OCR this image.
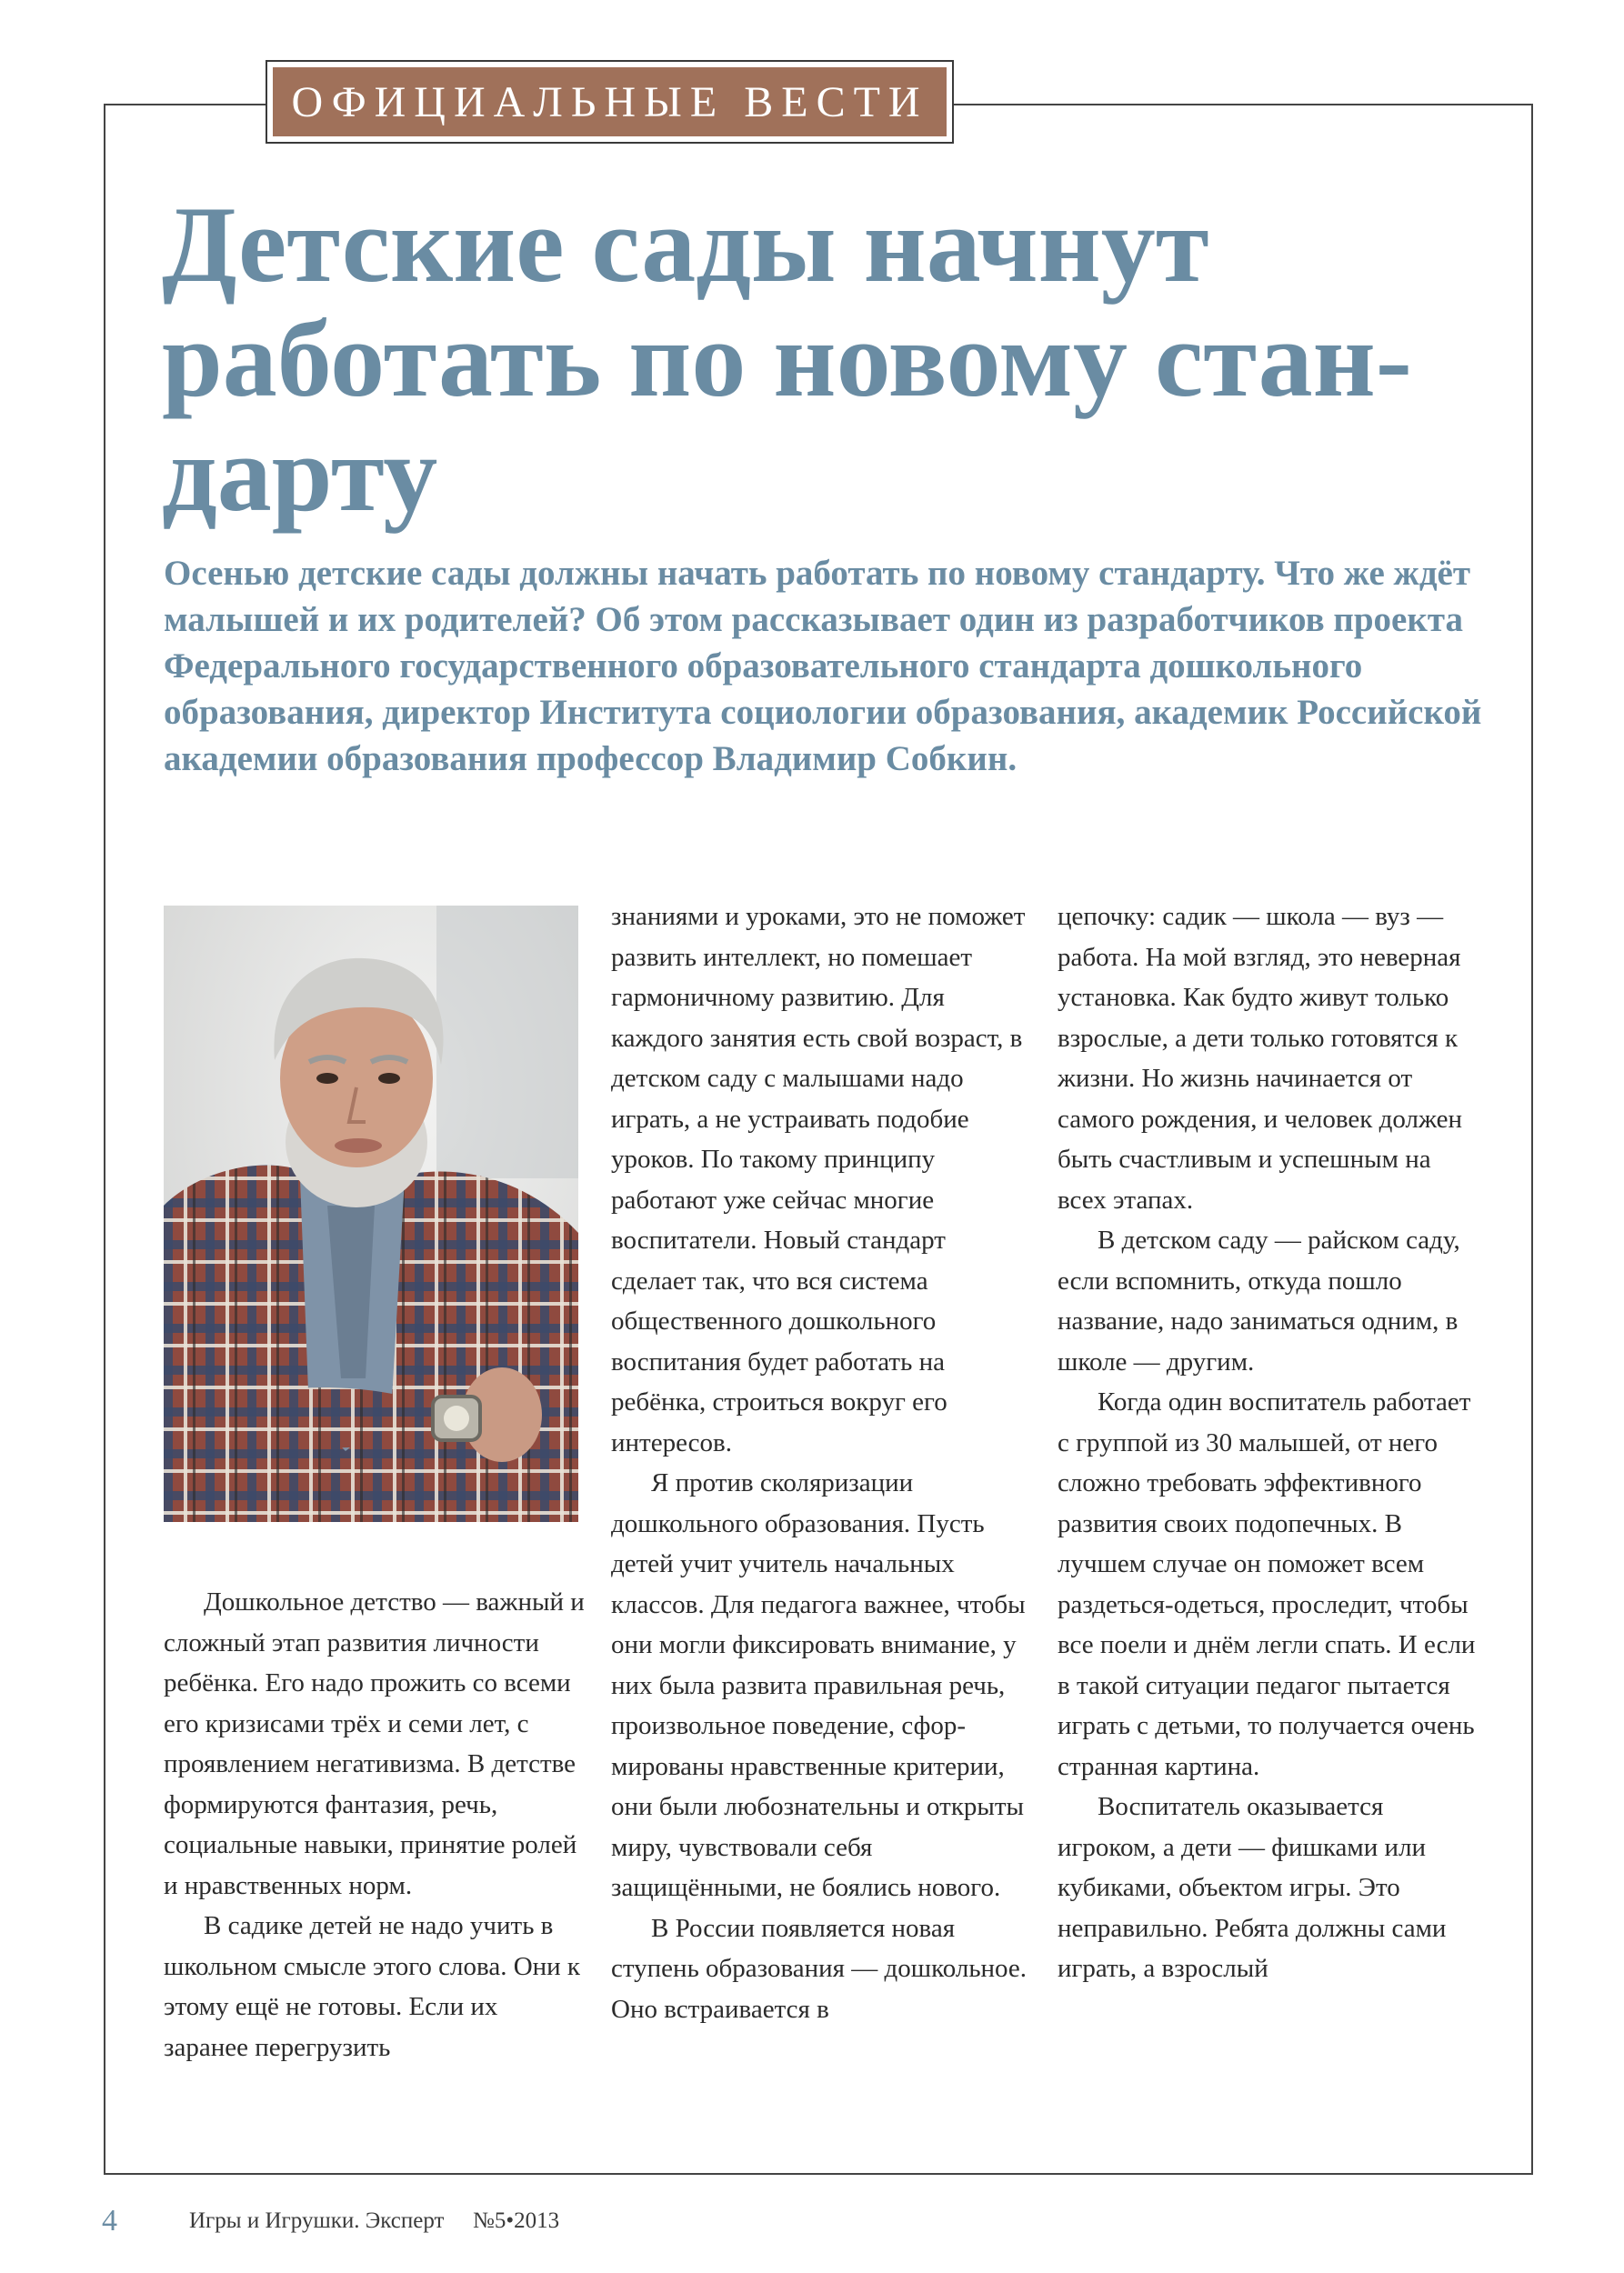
ОФИЦИАЛЬНЫЕ ВЕСТИ
Детские сады начнут работать по новому стан-дарту

Осенью детские сады должны начать работать по новому стандарту. Что же ждёт малышей и их родителей? Об этом рассказывает один из разработчиков проекта Федерального государственного образовательного стандарта дошкольного образования, директор Института социологии образования, академик Российской академии образования профессор Владимир Собкин.

Дошкольное детство — важный и сложный этап развития личности ребёнка. Его надо прожить со всеми его кризисами трёх и семи лет, с проявлением негативизма. В детстве формируются фантазия, речь, социальные навыки, принятие ролей и нравственных норм.

В садике детей не надо учить в школьном смысле этого слова. Они к этому ещё не готовы. Если их заранее перегрузить

знаниями и уроками, это не поможет развить интеллект, но помешает гармоничному развитию. Для каждого занятия есть свой возраст, в детском саду с малышами надо играть, а не устраивать подобие уроков. По такому принципу работают уже сейчас многие воспитатели. Новый стандарт сделает так, что вся система общественного дошкольного воспитания будет работать на ребёнка, строиться вокруг его интересов.

Я против сколяризации дошкольного образования. Пусть детей учит учитель начальных классов. Для педагога важнее, чтобы они могли фиксировать внимание, у них была развита правильная речь, произвольное поведение, сформированы нравственные критерии, они были любознательны и открыты миру, чувствовали себя защищёнными, не боялись нового.

В России появляется новая ступень образования — дошкольное. Оно встраивается в

цепочку: садик — школа — вуз — работа. На мой взгляд, это неверная установка. Как будто живут только взрослые, а дети только готовятся к жизни. Но жизнь начинается от самого рождения, и человек должен быть счастливым и успешным на всех этапах.

В детском саду — райском саду, если вспомнить, откуда пошло название, надо заниматься одним, в школе — другим.

Когда один воспитатель работает с группой из 30 малышей, от него сложно требовать эффективного развития своих подопечных. В лучшем случае он поможет всем раздеться-одеться, проследит, чтобы все поели и днём легли спать. И если в такой ситуации педагог пытается играть с детьми, то получается очень странная картина.

Воспитатель оказывается игроком, а дети — фишками или кубиками, объектом игры. Это неправильно. Ребята должны сами играть, а взрослый

4	Игры и Игрушки. Эксперт №5•2013
